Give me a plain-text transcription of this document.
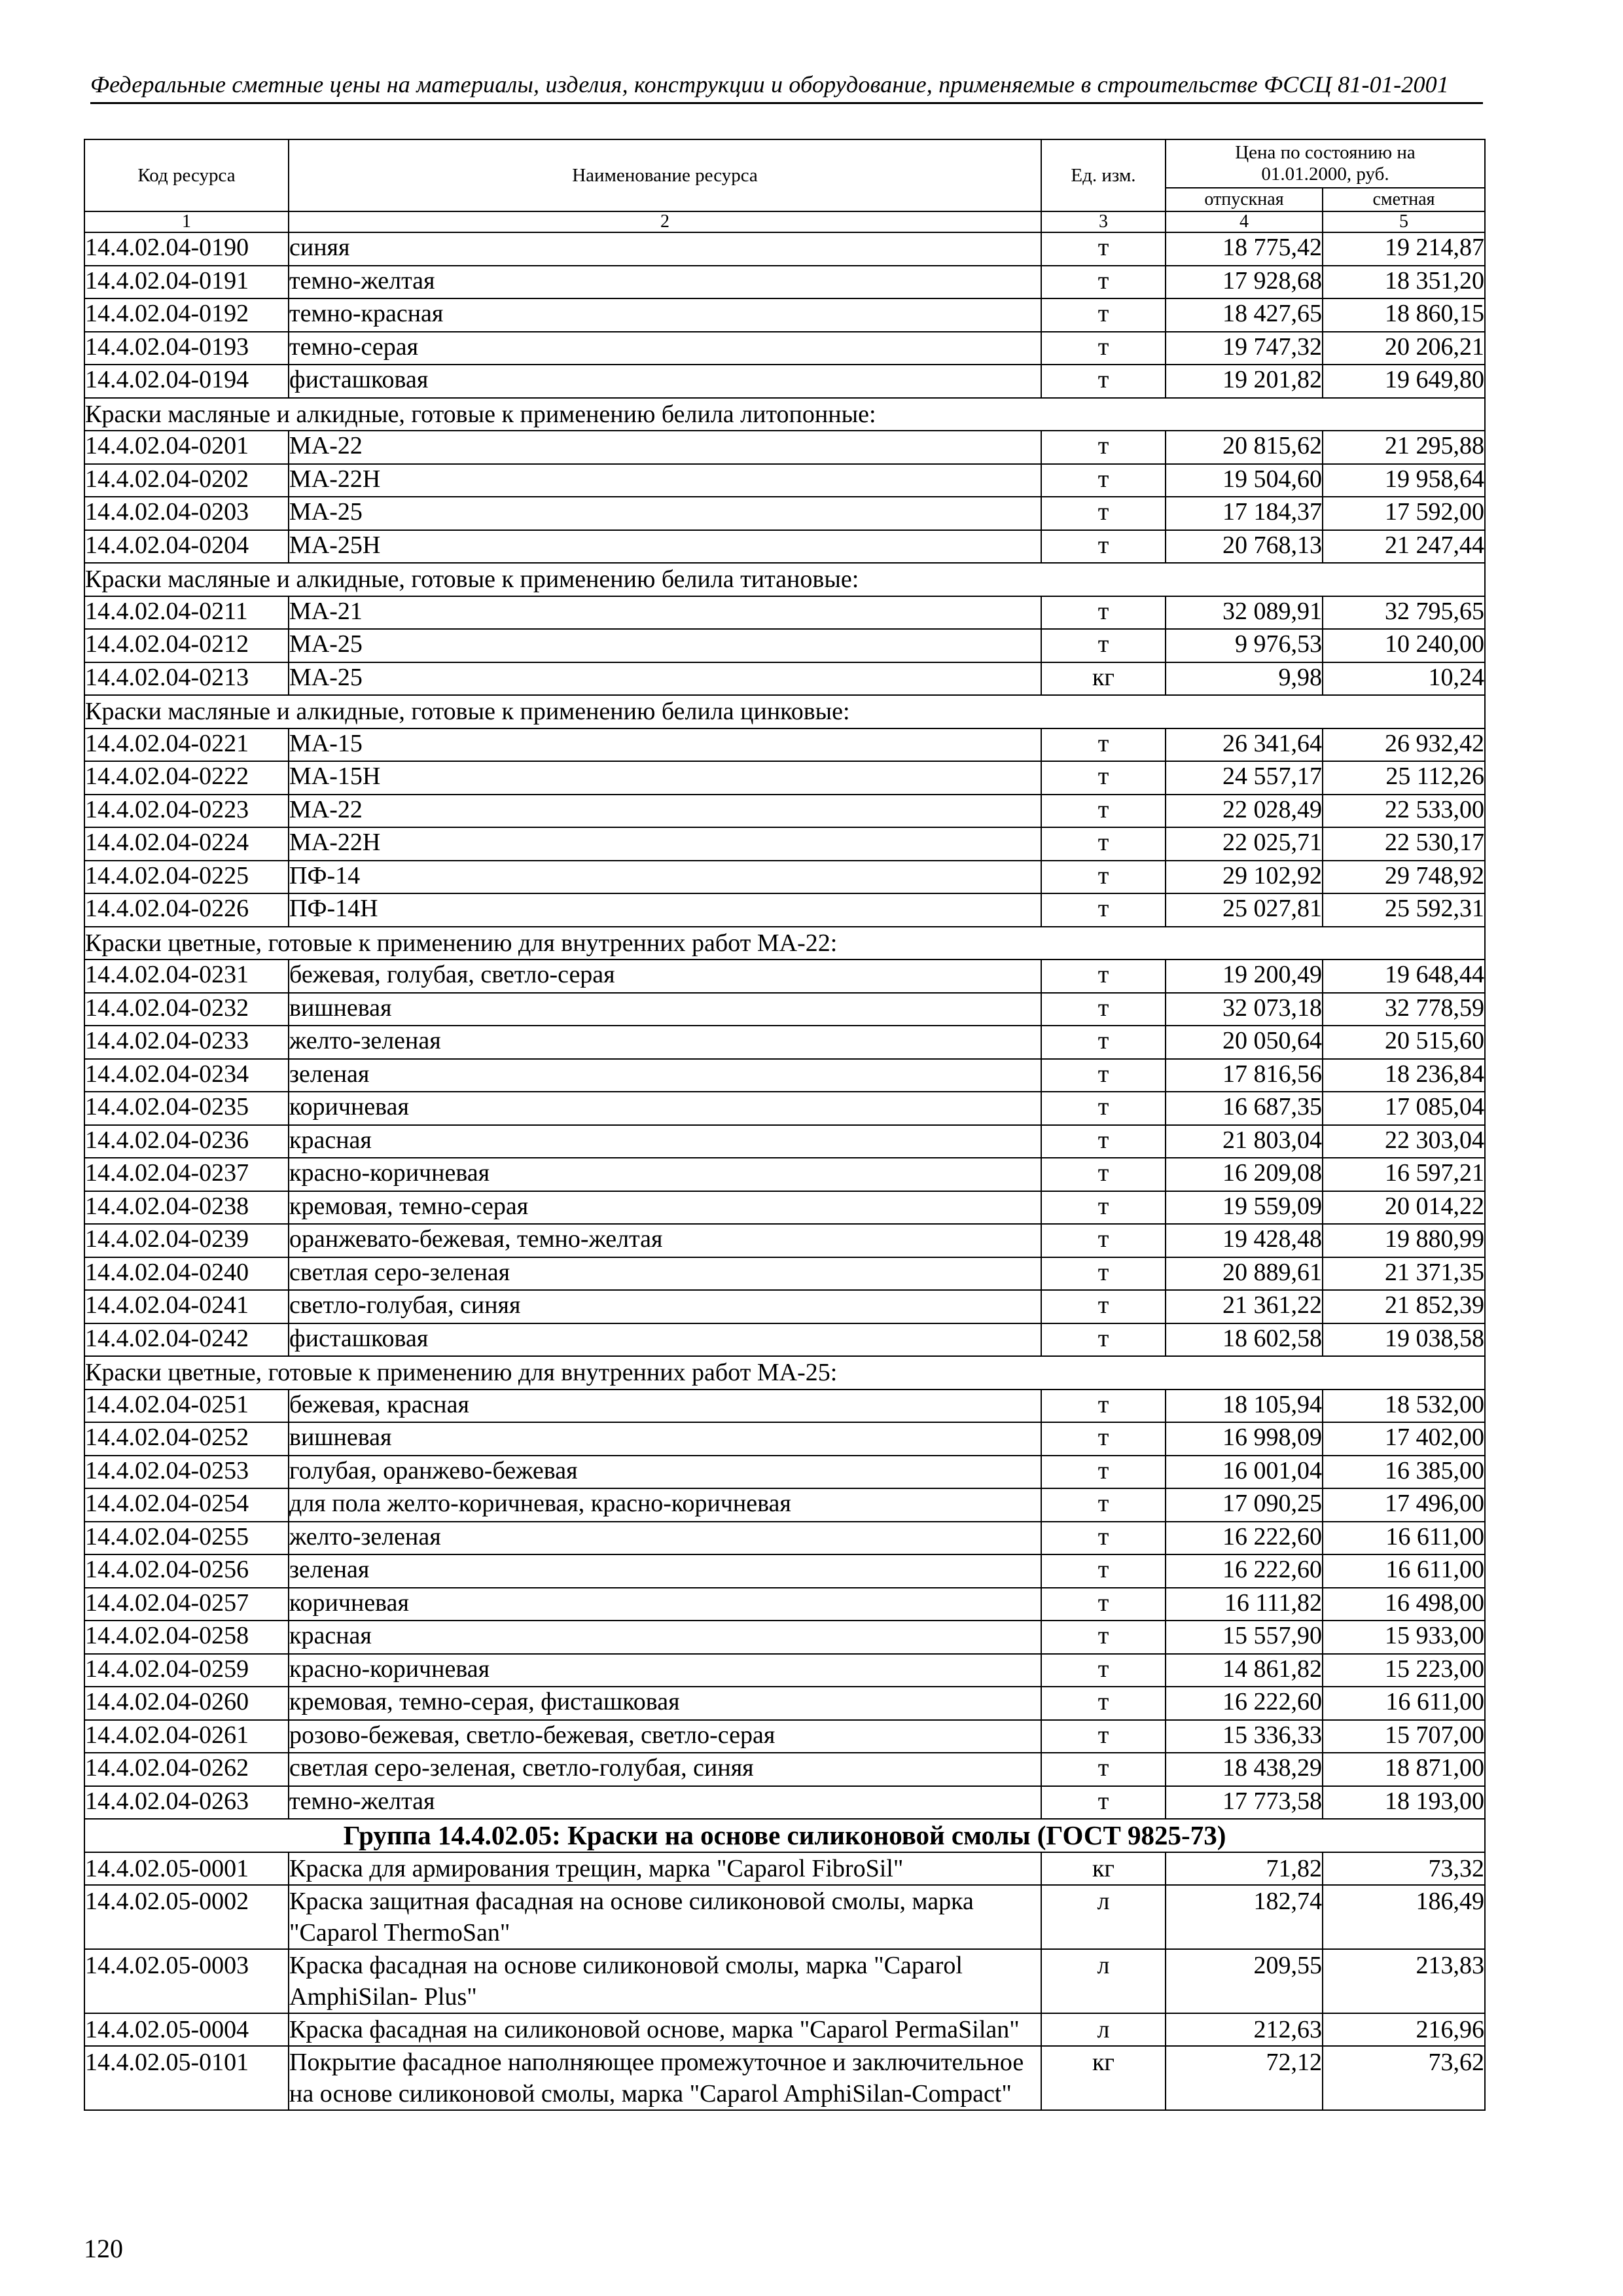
Федеральные сметные цены на материалы, изделия, конструкции и оборудование, применяемые в строительстве ФССЦ 81-01-2001
Код ресурса	Наименование ресурса	Ед. изм.	Цена по состоянию на 01.01.2000, руб.	
			отпускная	сметная
1	2	3	4	5
14.4.02.04-0190	синяя	т	18 775,42	19 214,87
14.4.02.04-0191	темно-желтая	т	17 928,68	18 351,20
14.4.02.04-0192	темно-красная	т	18 427,65	18 860,15
14.4.02.04-0193	темно-серая	т	19 747,32	20 206,21
14.4.02.04-0194	фисташковая	т	19 201,82	19 649,80
Краски масляные и алкидные, готовые к применению белила литопонные:				
14.4.02.04-0201	МА-22	т	20 815,62	21 295,88
14.4.02.04-0202	МА-22Н	т	19 504,60	19 958,64
14.4.02.04-0203	МА-25	т	17 184,37	17 592,00
14.4.02.04-0204	МА-25Н	т	20 768,13	21 247,44
Краски масляные и алкидные, готовые к применению белила титановые:				
14.4.02.04-0211	МА-21	т	32 089,91	32 795,65
14.4.02.04-0212	МА-25	т	9 976,53	10 240,00
14.4.02.04-0213	МА-25	кг	9,98	10,24
Краски масляные и алкидные, готовые к применению белила цинковые:				
14.4.02.04-0221	МА-15	т	26 341,64	26 932,42
14.4.02.04-0222	МА-15Н	т	24 557,17	25 112,26
14.4.02.04-0223	МА-22	т	22 028,49	22 533,00
14.4.02.04-0224	МА-22Н	т	22 025,71	22 530,17
14.4.02.04-0225	ПФ-14	т	29 102,92	29 748,92
14.4.02.04-0226	ПФ-14Н	т	25 027,81	25 592,31
Краски цветные, готовые к применению для внутренних работ МА-22:				
14.4.02.04-0231	бежевая, голубая, светло-серая	т	19 200,49	19 648,44
14.4.02.04-0232	вишневая	т	32 073,18	32 778,59
14.4.02.04-0233	желто-зеленая	т	20 050,64	20 515,60
14.4.02.04-0234	зеленая	т	17 816,56	18 236,84
14.4.02.04-0235	коричневая	т	16 687,35	17 085,04
14.4.02.04-0236	красная	т	21 803,04	22 303,04
14.4.02.04-0237	красно-коричневая	т	16 209,08	16 597,21
14.4.02.04-0238	кремовая, темно-серая	т	19 559,09	20 014,22
14.4.02.04-0239	оранжевато-бежевая, темно-желтая	т	19 428,48	19 880,99
14.4.02.04-0240	светлая серо-зеленая	т	20 889,61	21 371,35
14.4.02.04-0241	светло-голубая, синяя	т	21 361,22	21 852,39
14.4.02.04-0242	фисташковая	т	18 602,58	19 038,58
Краски цветные, готовые к применению для внутренних работ МА-25:				
14.4.02.04-0251	бежевая, красная	т	18 105,94	18 532,00
14.4.02.04-0252	вишневая	т	16 998,09	17 402,00
14.4.02.04-0253	голубая, оранжево-бежевая	т	16 001,04	16 385,00
14.4.02.04-0254	для пола желто-коричневая, красно-коричневая	т	17 090,25	17 496,00
14.4.02.04-0255	желто-зеленая	т	16 222,60	16 611,00
14.4.02.04-0256	зеленая	т	16 222,60	16 611,00
14.4.02.04-0257	коричневая	т	16 111,82	16 498,00
14.4.02.04-0258	красная	т	15 557,90	15 933,00
14.4.02.04-0259	красно-коричневая	т	14 861,82	15 223,00
14.4.02.04-0260	кремовая, темно-серая, фисташковая	т	16 222,60	16 611,00
14.4.02.04-0261	розово-бежевая, светло-бежевая, светло-серая	т	15 336,33	15 707,00
14.4.02.04-0262	светлая серо-зеленая, светло-голубая, синяя	т	18 438,29	18 871,00
14.4.02.04-0263	темно-желтая	т	17 773,58	18 193,00
Группа 14.4.02.05: Краски на основе силиконовой смолы (ГОСТ 9825-73)				
14.4.02.05-0001	Краска для армирования трещин, марка "Caparol FibroSil"	кг	71,82	73,32
14.4.02.05-0002	Краска защитная фасадная на основе силиконовой смолы, марка "Caparol ThermoSan"	л	182,74	186,49
14.4.02.05-0003	Краска фасадная на основе силиконовой смолы, марка "Caparol AmphiSilan- Plus"	л	209,55	213,83
14.4.02.05-0004	Краска фасадная на силиконовой основе, марка "Caparol PermaSilan"	л	212,63	216,96
14.4.02.05-0101	Покрытие фасадное наполняющее промежуточное и заключительное на основе силиконовой смолы, марка "Caparol AmphiSilan-Compact"	кг	72,12	73,62
120
